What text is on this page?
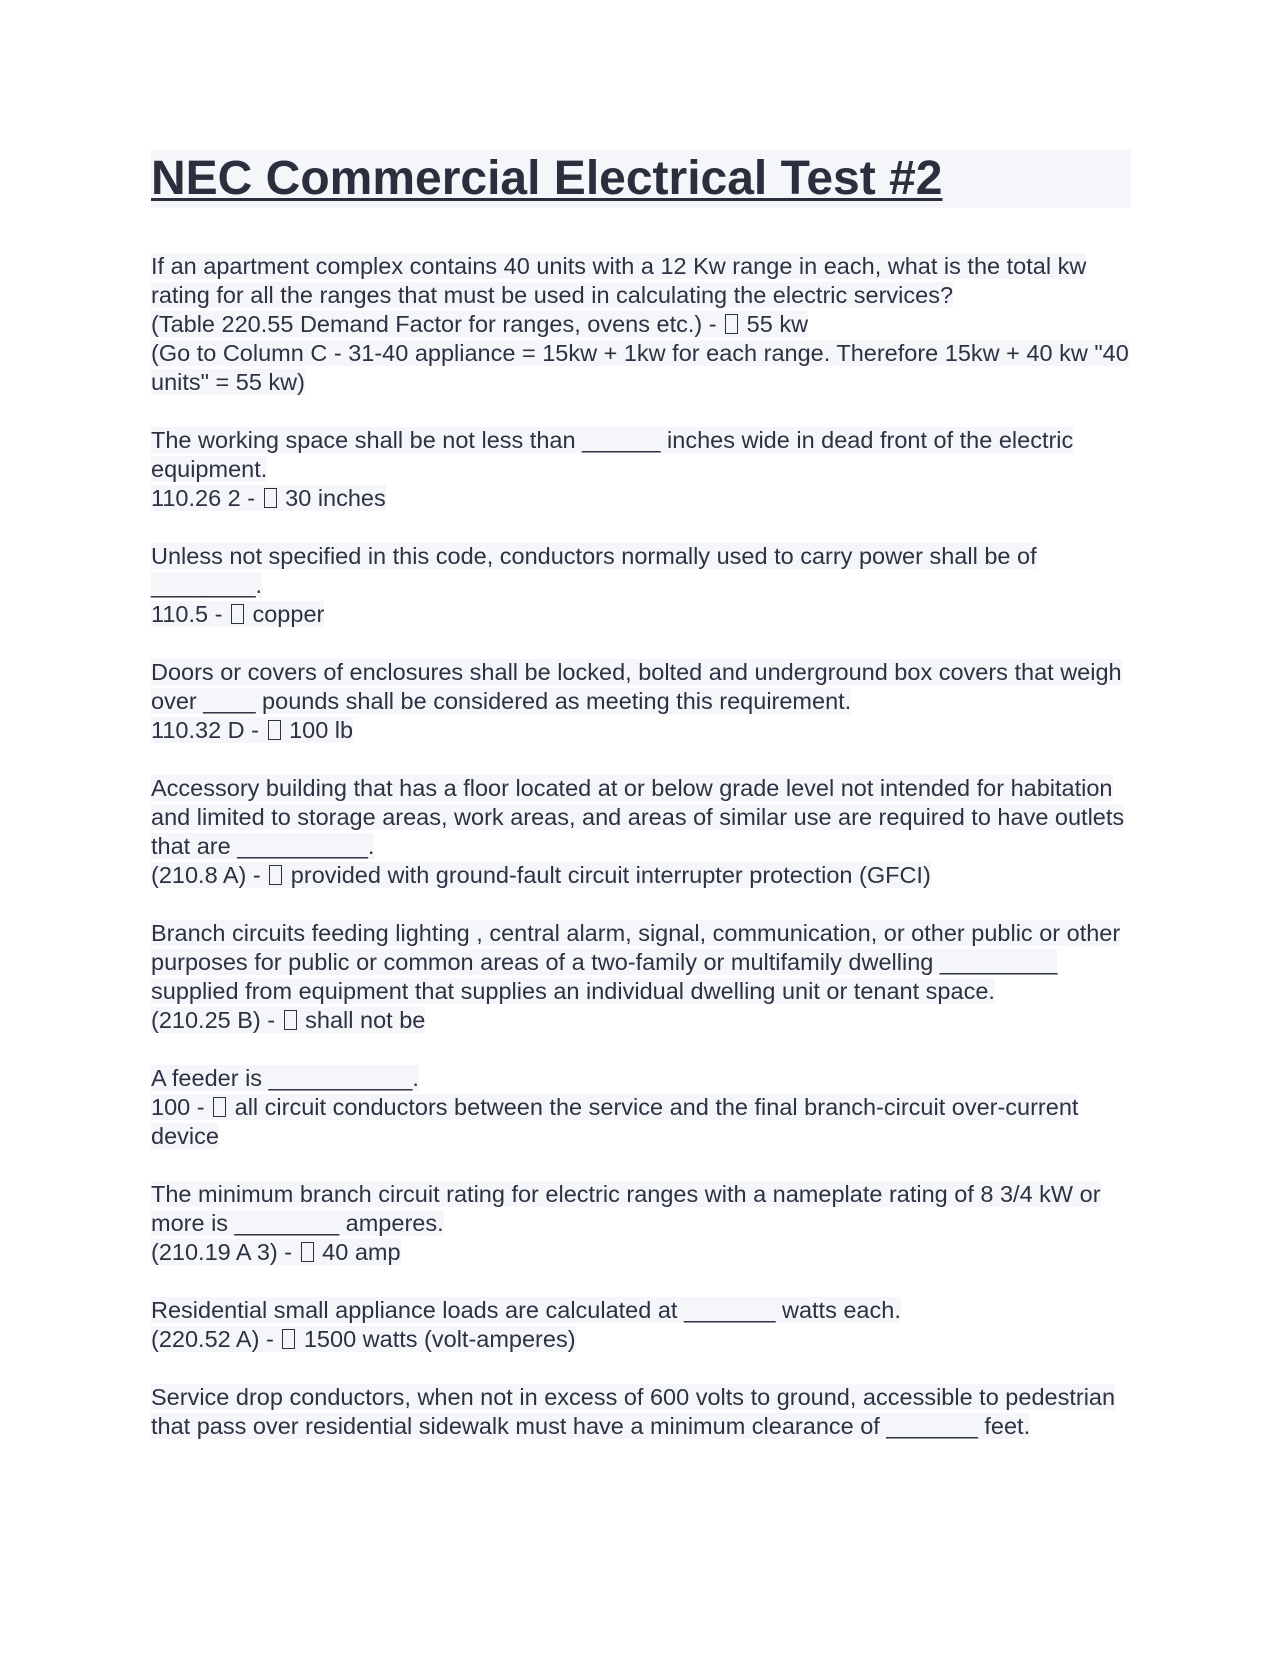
NEC Commercial Electrical Test #2

If an apartment complex contains 40 units with a 12 Kw range in each, what is the total kw rating for all the ranges that must be used in calculating the electric services?
(Table 220.55 Demand Factor for ranges, ovens etc.) - 55 kw
(Go to Column C - 31-40 appliance = 15kw + 1kw for each range. Therefore 15kw + 40 kw "40 units" = 55 kw)

The working space shall be not less than ______ inches wide in dead front of the electric equipment.
110.26 2 - 30 inches

Unless not specified in this code, conductors normally used to carry power shall be of ________.
110.5 - copper

Doors or covers of enclosures shall be locked, bolted and underground box covers that weigh over ____ pounds shall be considered as meeting this requirement.
110.32 D - 100 lb

Accessory building that has a floor located at or below grade level not intended for habitation and limited to storage areas, work areas, and areas of similar use are required to have outlets that are __________.
(210.8 A) - provided with ground-fault circuit interrupter protection (GFCI)

Branch circuits feeding lighting , central alarm, signal, communication, or other public or other purposes for public or common areas of a two-family or multifamily dwelling _________ supplied from equipment that supplies an individual dwelling unit or tenant space.
(210.25 B) - shall not be

A feeder is ___________.
100 - all circuit conductors between the service and the final branch-circuit over-current device

The minimum branch circuit rating for electric ranges with a nameplate rating of 8 3/4 kW or more is ________ amperes.
(210.19 A 3) - 40 amp

Residential small appliance loads are calculated at _______ watts each.
(220.52 A) - 1500 watts (volt-amperes)

Service drop conductors, when not in excess of 600 volts to ground, accessible to pedestrian that pass over residential sidewalk must have a minimum clearance of _______ feet.
